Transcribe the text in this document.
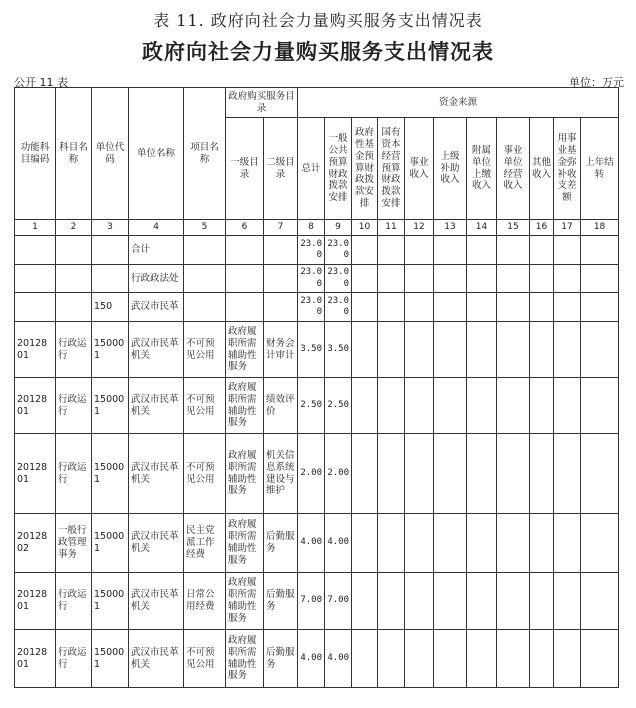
表 11. 政府向社会力量购买服务支出情况表
政府向社会力量购买服务支出情况表
公开 11 表	单位：万元
功能科目编码	科目名称	单位代码	单位名称	项目名称	政府购买服务目录		资金来源										
					一级目录	二级目录	总计	一般公共预算财政拨款安排	政府性基金预算财政拨款安排	国有资本经营预算财政拨款安排	事业收入	上级补助收入	附属单位上缴收入	事业单位经营收入	其他收入	用事业基金弥补收支差额	上年结转
1	2	3	4	5	6	7	8	9	10	11	12	13	14	15	16	17	18
			合计				23.00	23.00									
			行政政法处				23.00	23.00									
		150	武汉市民革				23.00	23.00									
2012801	行政运行	150001	武汉市民革机关	不可预见公用	政府履职所需辅助性服务	财务会计审计	3.50	3.50									
2012801	行政运行	150001	武汉市民革机关	不可预见公用	政府履职所需辅助性服务	绩效评价	2.50	2.50									
2012801	行政运行	150001	武汉市民革机关	不可预见公用	政府履职所需辅助性服务	机关信息系统建设与维护	2.00	2.00									
2012802	一般行政管理事务	150001	武汉市民革机关	民主党派工作经费	政府履职所需辅助性服务	后勤服务	4.00	4.00									
2012801	行政运行	150001	武汉市民革机关	日常公用经费	政府履职所需辅助性服务	后勤服务	7.00	7.00									
2012801	行政运行	150001	武汉市民革机关	不可预见公用	政府履职所需辅助性服务	后勤服务	4.00	4.00									
